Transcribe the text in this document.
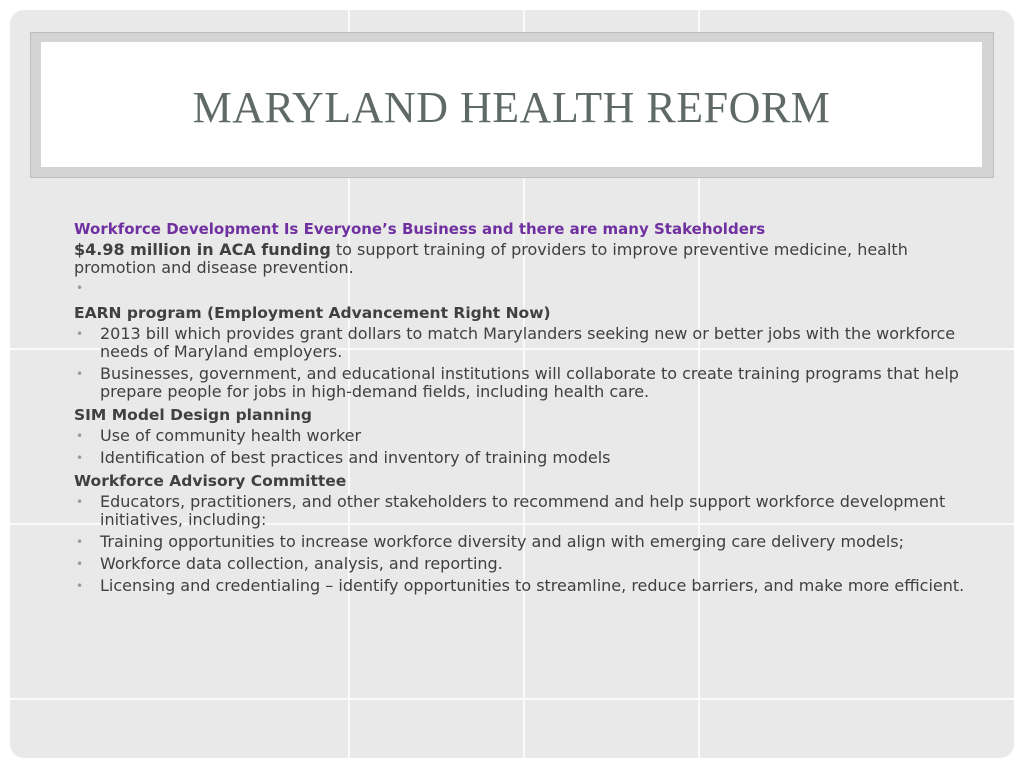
MARYLAND HEALTH REFORM
Workforce Development Is Everyone’s Business and there are many Stakeholders
$4.98 million in ACA funding to support training of providers to improve preventive medicine, health promotion and disease prevention.
•
EARN program (Employment Advancement Right Now)
• 2013 bill which provides grant dollars to match Marylanders seeking new or better jobs with the workforce needs of Maryland employers.
• Businesses, government, and educational institutions will collaborate to create training programs that help prepare people for jobs in high-demand fields, including health care.
SIM Model Design planning
• Use of community health worker
• Identification of best practices and inventory of training models
Workforce Advisory Committee
• Educators, practitioners, and other stakeholders to recommend and help support workforce development initiatives, including:
• Training opportunities to increase workforce diversity and align with emerging care delivery models;
• Workforce data collection, analysis, and reporting.
• Licensing and credentialing – identify opportunities to streamline, reduce barriers, and make more efficient.
